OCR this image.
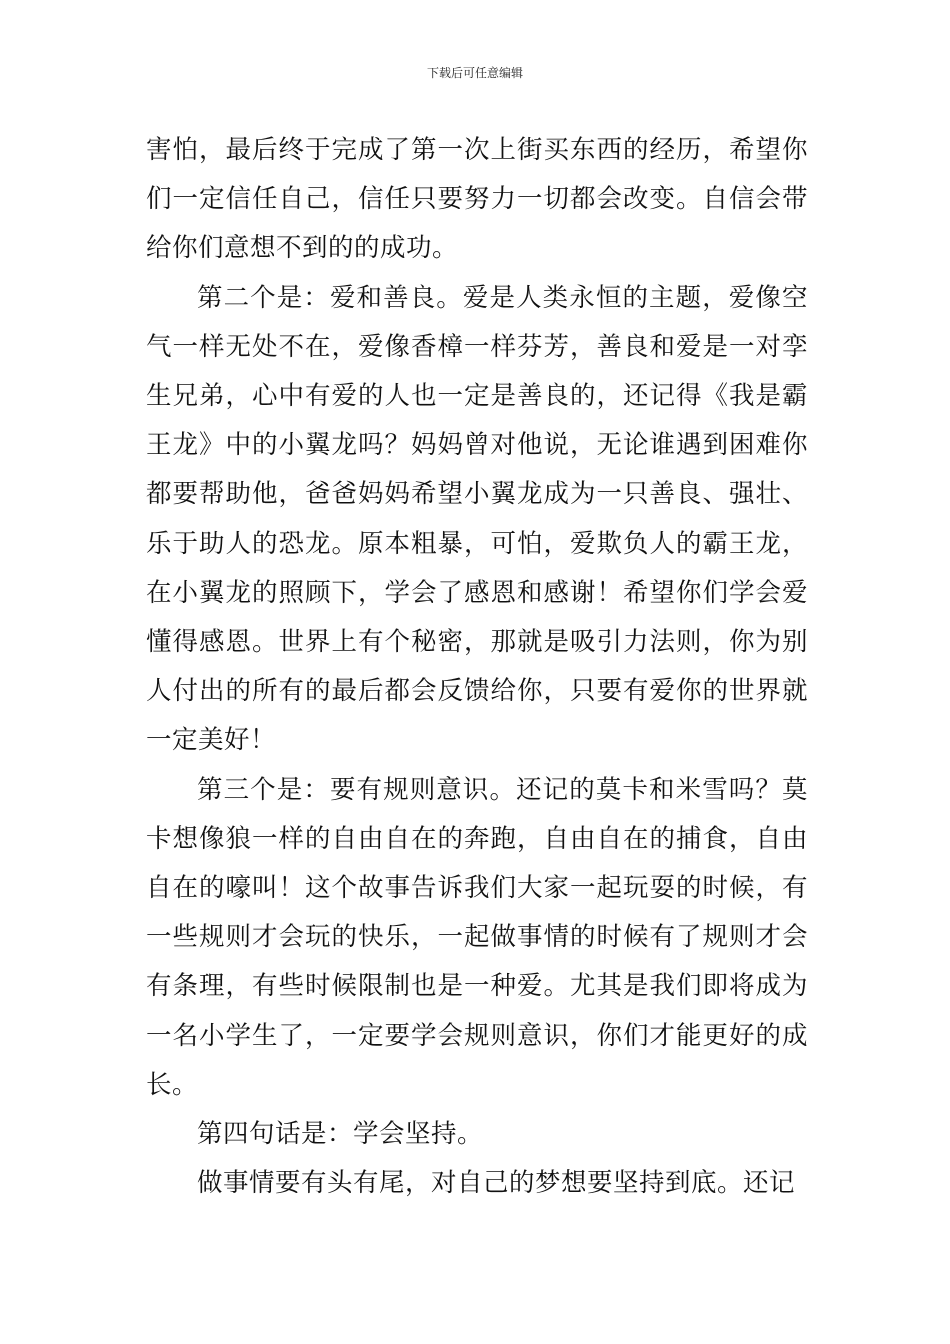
下载后可任意编辑

害怕，最后终于完成了第一次上街买东西的经历，希望你们一定信任自己，信任只要努力一切都会改变。自信会带给你们意想不到的的成功。

第二个是：爱和善良。爱是人类永恒的主题，爱像空气一样无处不在，爱像香樟一样芬芳，善良和爱是一对孪生兄弟，心中有爱的人也一定是善良的，还记得《我是霸王龙》中的小翼龙吗？妈妈曾对他说，无论谁遇到困难你都要帮助他，爸爸妈妈希望小翼龙成为一只善良、强壮、乐于助人的恐龙。原本粗暴，可怕，爱欺负人的霸王龙，在小翼龙的照顾下，学会了感恩和感谢！希望你们学会爱懂得感恩。世界上有个秘密，那就是吸引力法则，你为别人付出的所有的最后都会反馈给你，只要有爱你的世界就一定美好！

第三个是：要有规则意识。还记的莫卡和米雪吗？莫卡想像狼一样的自由自在的奔跑，自由自在的捕食，自由自在的嚎叫！这个故事告诉我们大家一起玩耍的时候，有一些规则才会玩的快乐，一起做事情的时候有了规则才会有条理，有些时候限制也是一种爱。尤其是我们即将成为一名小学生了，一定要学会规则意识，你们才能更好的成长。

第四句话是：学会坚持。

做事情要有头有尾，对自己的梦想要坚持到底。还记
